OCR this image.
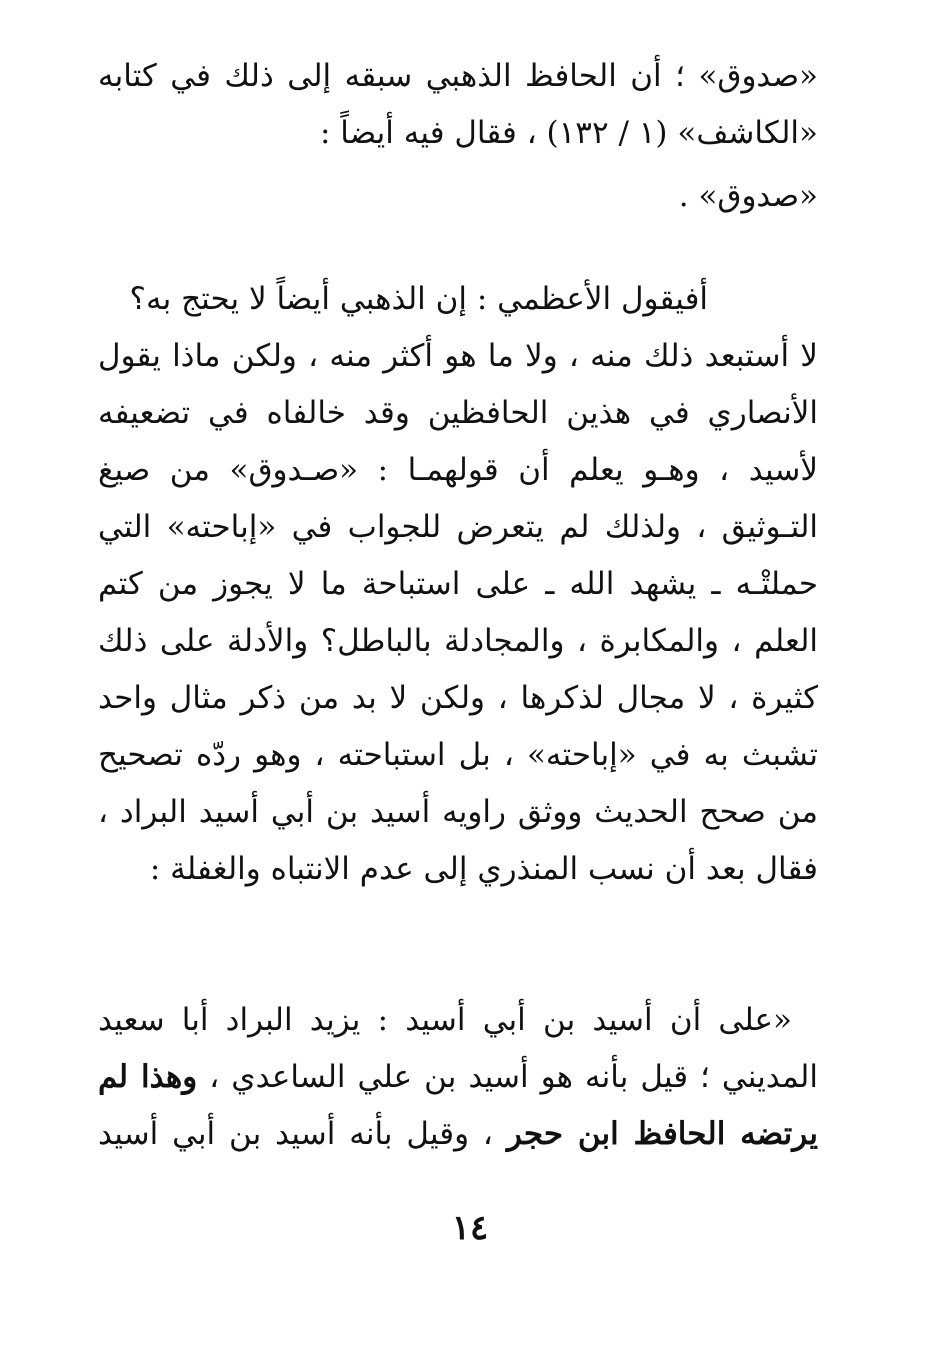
«صدوق» ؛ أن الحافظ الذهبي سبقه إلى ذلك في كتابه
«الكاشف» (١ / ١٣٢) ، فقال فيه أيضاً :
«صدوق» .
أفيقول الأعظمي : إن الذهبي أيضاً لا يحتج به؟
لا أستبعد ذلك منه ، ولا ما هو أكثر منه ، ولكن ماذا يقول
الأنصاري في هذين الحافظين وقد خالفاه في تضعيفه
لأسيد ، وهـو يعلم أن قولهمـا : «صـدوق» من صيغ
التـوثيق ، ولذلك لم يتعرض للجواب في «إباحته» التي
حملتْـه ـ يشهد الله ـ على استباحة ما لا يجوز من كتم
العلم ، والمكابرة ، والمجادلة بالباطل؟ والأدلة على ذلك
كثيرة ، لا مجال لذكرها ، ولكن لا بد من ذكر مثال واحد
تشبث به في «إباحته» ، بل استباحته ، وهو ردّه تصحيح
من صحح الحديث ووثق راويه أسيد بن أبي أسيد البراد ،
فقال بعد أن نسب المنذري إلى عدم الانتباه والغفلة :
«على أن أسيد بن أبي أسيد : يزيد البراد أبا سعيد
المديني ؛ قيل بأنه هو أسيد بن علي الساعدي ، وهذا لم
يرتضه الحافظ ابن حجر ، وقيل بأنه أسيد بن أبي أسيد
١٤
